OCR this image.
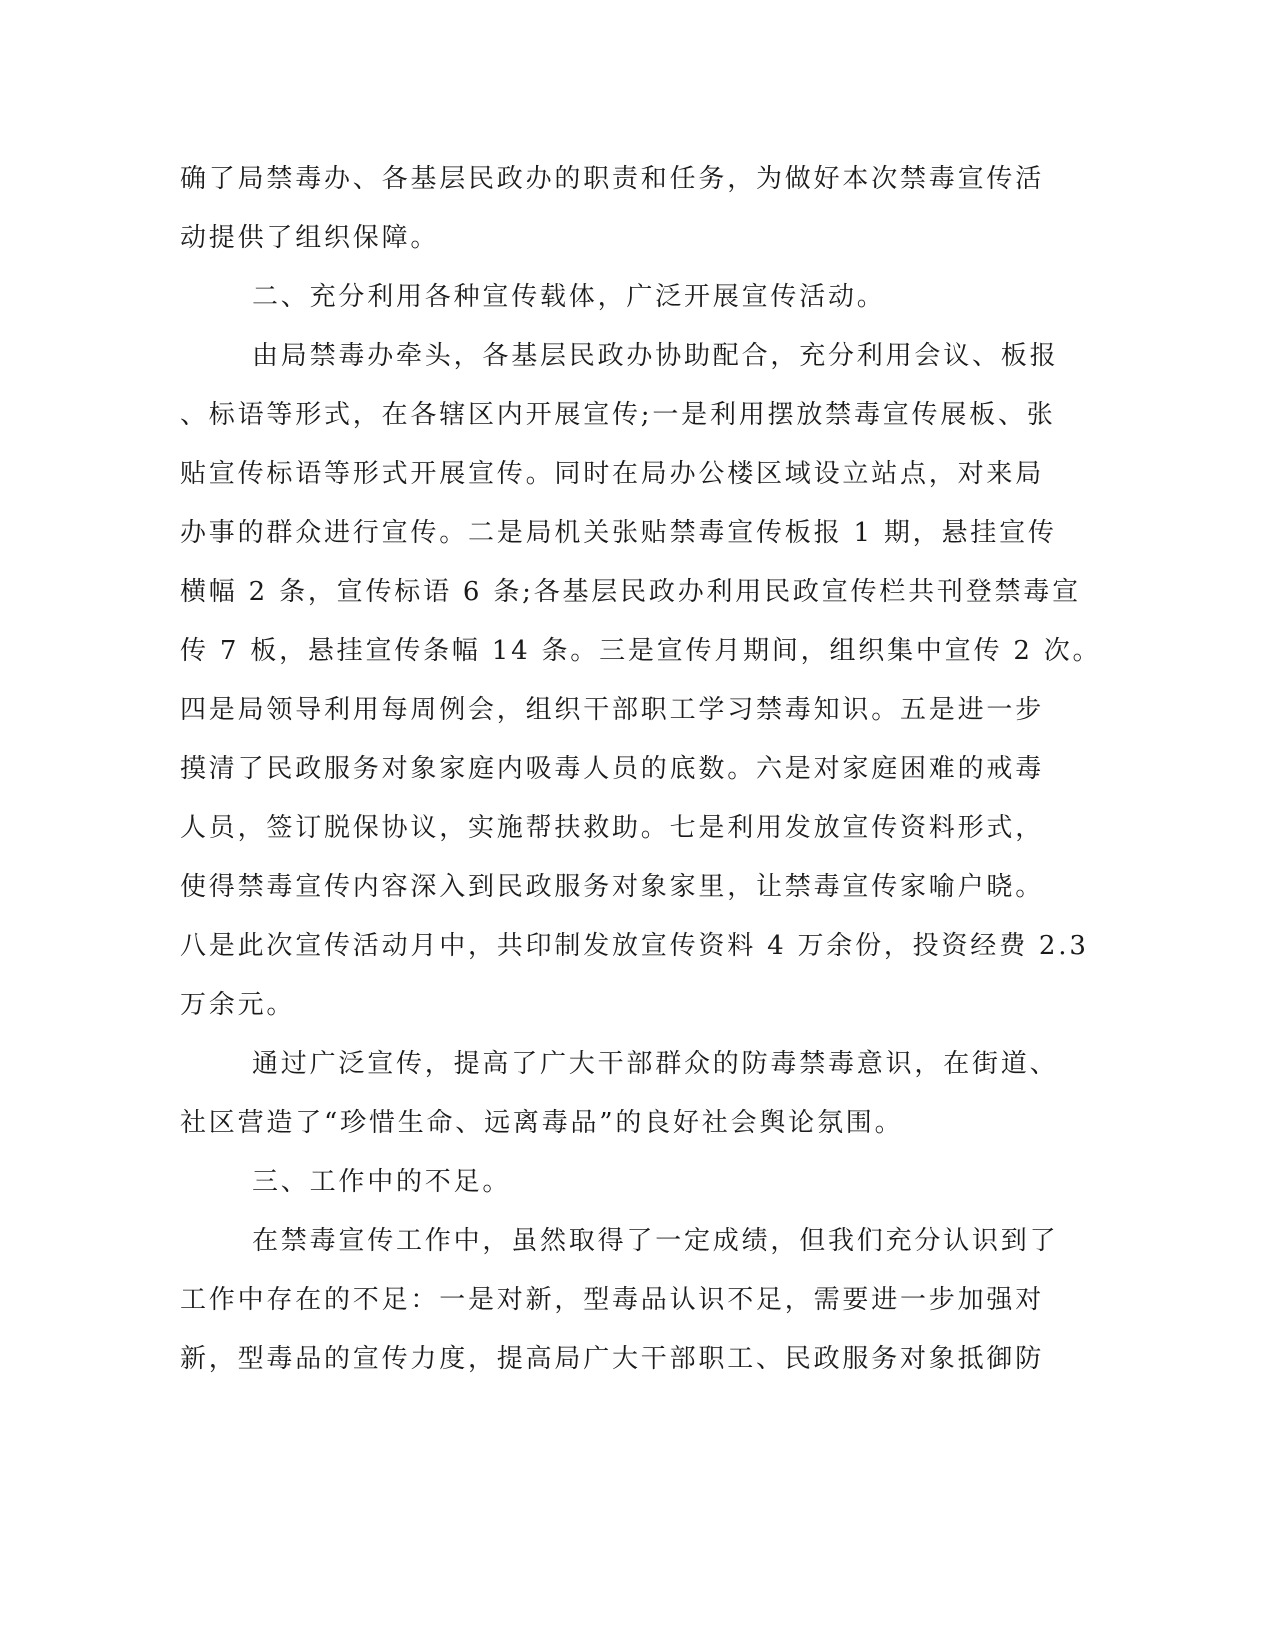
确了局禁毒办、各基层民政办的职责和任务，为做好本次禁毒宣传活
动提供了组织保障。
二、充分利用各种宣传载体，广泛开展宣传活动。
由局禁毒办牵头，各基层民政办协助配合，充分利用会议、板报
、标语等形式，在各辖区内开展宣传;一是利用摆放禁毒宣传展板、张
贴宣传标语等形式开展宣传。同时在局办公楼区域设立站点，对来局
办事的群众进行宣传。二是局机关张贴禁毒宣传板报 1 期，悬挂宣传
横幅 2 条，宣传标语 6 条;各基层民政办利用民政宣传栏共刊登禁毒宣
传 7 板，悬挂宣传条幅 14 条。三是宣传月期间，组织集中宣传 2 次。
四是局领导利用每周例会，组织干部职工学习禁毒知识。五是进一步
摸清了民政服务对象家庭内吸毒人员的底数。六是对家庭困难的戒毒
人员，签订脱保协议，实施帮扶救助。七是利用发放宣传资料形式，
使得禁毒宣传内容深入到民政服务对象家里，让禁毒宣传家喻户晓。
八是此次宣传活动月中，共印制发放宣传资料 4 万余份，投资经费 2.3
万余元。
通过广泛宣传，提高了广大干部群众的防毒禁毒意识，在街道、
社区营造了“珍惜生命、远离毒品”的良好社会舆论氛围。
三、工作中的不足。
在禁毒宣传工作中，虽然取得了一定成绩，但我们充分认识到了
工作中存在的不足：一是对新，型毒品认识不足，需要进一步加强对
新，型毒品的宣传力度，提高局广大干部职工、民政服务对象抵御防
